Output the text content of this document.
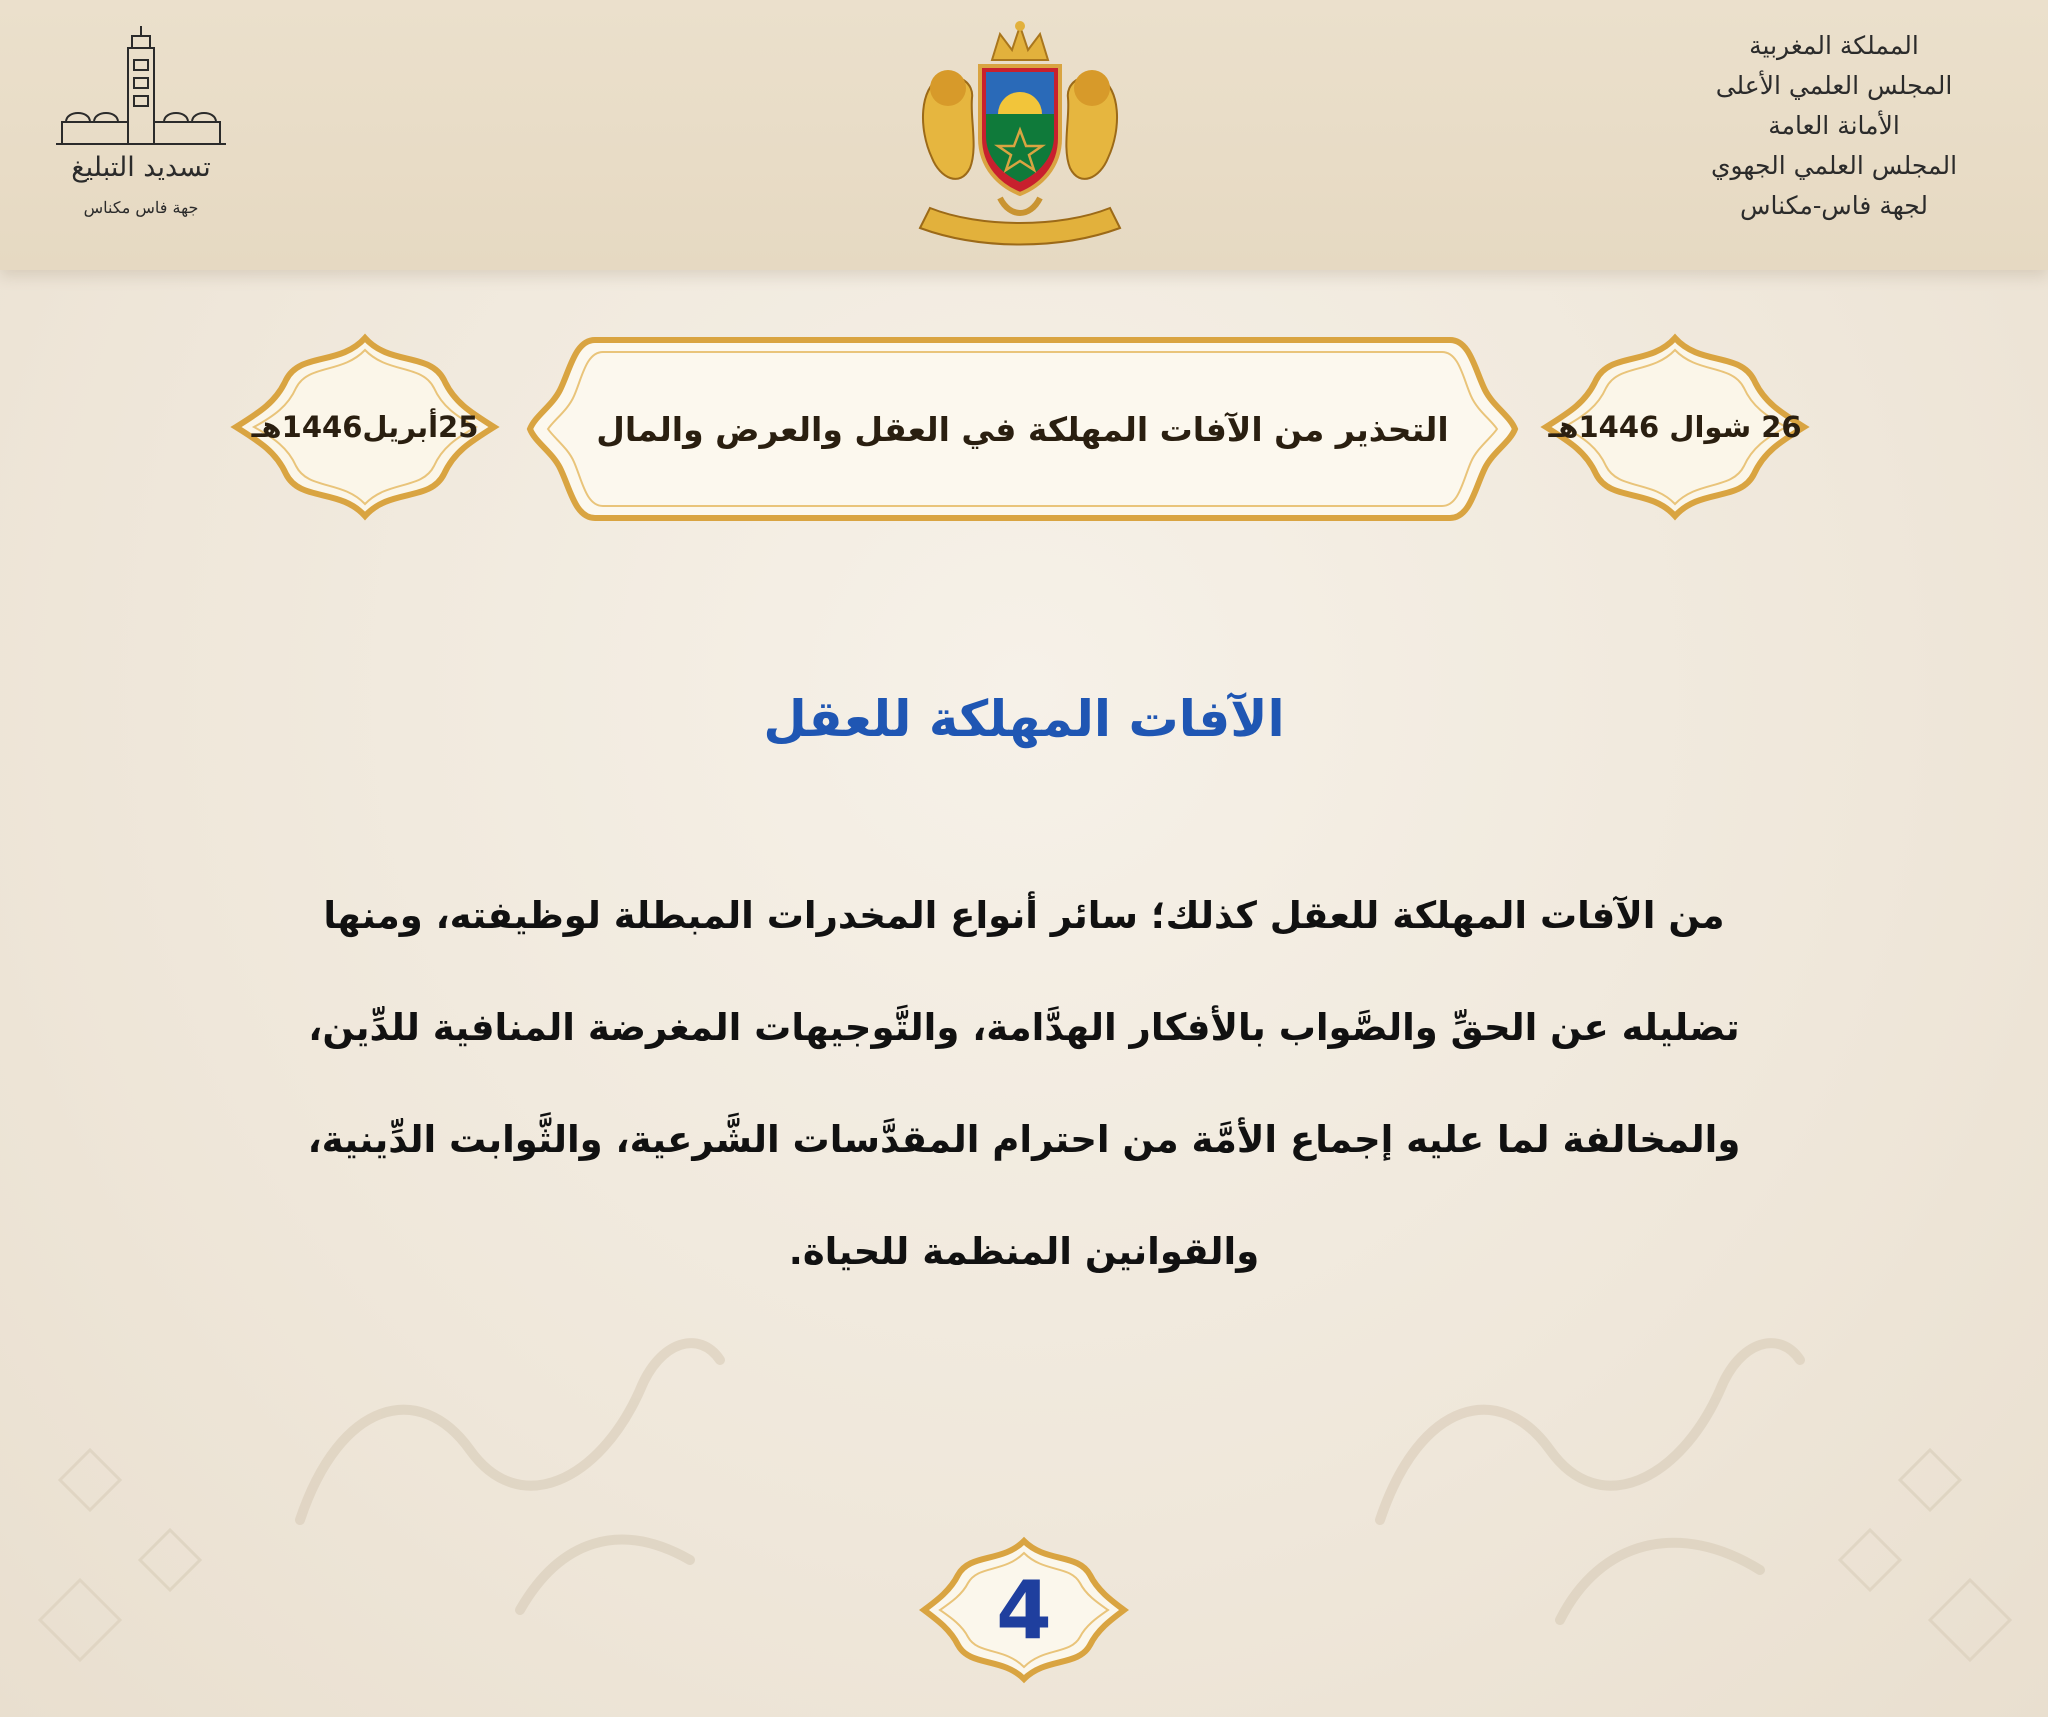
المملكة المغربية
المجلس العلمي الأعلى
الأمانة العامة
المجلس العلمي الجهوي
لجهة فاس-مكناس
تسديد التبليغ
جهة فاس مكناس
26 شوال 1446هـ
التحذير من الآفات المهلكة في العقل والعرض والمال
25أبريل1446هـ
الآفات المهلكة للعقل
من الآفات المهلكة للعقل كذلك؛ سائر أنواع المخدرات المبطلة لوظيفته، ومنها
تضليله عن الحقِّ والصَّواب بالأفكار الهدَّامة، والتَّوجيهات المغرضة المنافية للدِّين،
والمخالفة لما عليه إجماع الأمَّة من احترام المقدَّسات الشَّرعية، والثَّوابت الدِّينية،
والقوانين المنظمة للحياة.
4
